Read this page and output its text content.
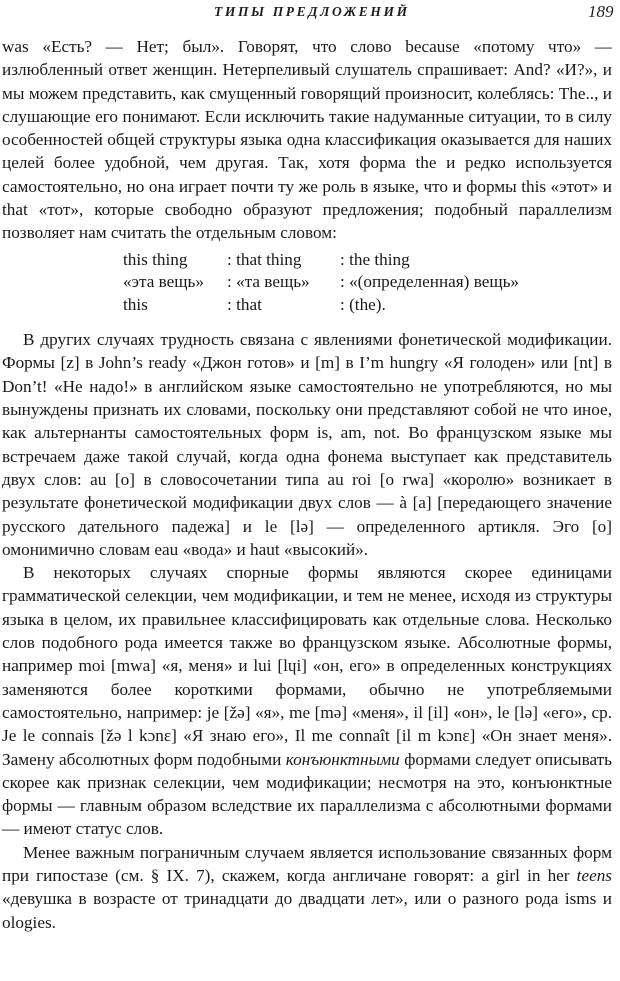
ТИПЫ ПРЕДЛОЖЕНИЙ	189

was «Есть? — Нет; был». Говорят, что слово because «потому что» — излюбленный ответ женщин. Нетерпеливый слушатель спрашивает: And? «И?», и мы можем представить, как смущенный говорящий произносит, колеблясь: The.., и слушающие его понимают. Если исключить такие надуманные ситуации, то в силу особенностей общей структуры языка одна классификация оказывается для наших целей более удобной, чем другая. Так, хотя форма the и редко используется самостоятельно, но она играет почти ту же роль в языке, что и формы this «этот» и that «тот», которые свободно образуют предложения; подобный параллелизм позволяет нам считать the отдельным словом:

this thing	: that thing	: the thing
«эта вещь»	: «та вещь»	: «(определенная) вещь»
this	: that	: (the).

В других случаях трудность связана с явлениями фонетической модификации. Формы [z] в John’s ready «Джон готов» и [m] в I’m hungry «Я голоден» или [nt] в Don’t! «Не надо!» в английском языке самостоятельно не употребляются, но мы вынуждены признать их словами, поскольку они представляют собой не что иное, как альтернанты самостоятельных форм is, am, not. Во французском языке мы встречаем даже такой случай, когда одна фонема выступает как представитель двух слов: au [o] в словосочетании типа au roi [o rwa] «королю» возникает в результате фонетической модификации двух слов — à [a] [передающего значение русского дательного падежа] и le [lə] — определенного артикля. Эго [o] омонимично словам eau «вода» и haut «высокий».

В некоторых случаях спорные формы являются скорее единицами грамматической селекции, чем модификации, и тем не менее, исходя из структуры языка в целом, их правильнее классифицировать как отдельные слова. Несколько слов подобного рода имеется также во французском языке. Абсолютные формы, например moi [mwa] «я, меня» и lui [lɥi] «он, его» в определенных конструкциях заменяются более короткими формами, обычно не употребляемыми самостоятельно, например: je [žə] «я», me [mə] «меня», il [il] «он», le [lə] «его», ср. Je le connais [žə l kɔnɛ] «Я знаю его», Il me connaît [il m kɔnɛ] «Он знает меня». Замену абсолютных форм подобными конъюнктными формами следует описывать скорее как признак селекции, чем модификации; несмотря на это, конъюнктные формы — главным образом вследствие их параллелизма с абсолютными формами — имеют статус слов.

Менее важным пограничным случаем является использование связанных форм при гипостазе (см. § IX. 7), скажем, когда англичане говорят: a girl in her teens «девушка в возрасте от тринадцати до двадцати лет», или о разного рода isms и ologies.
